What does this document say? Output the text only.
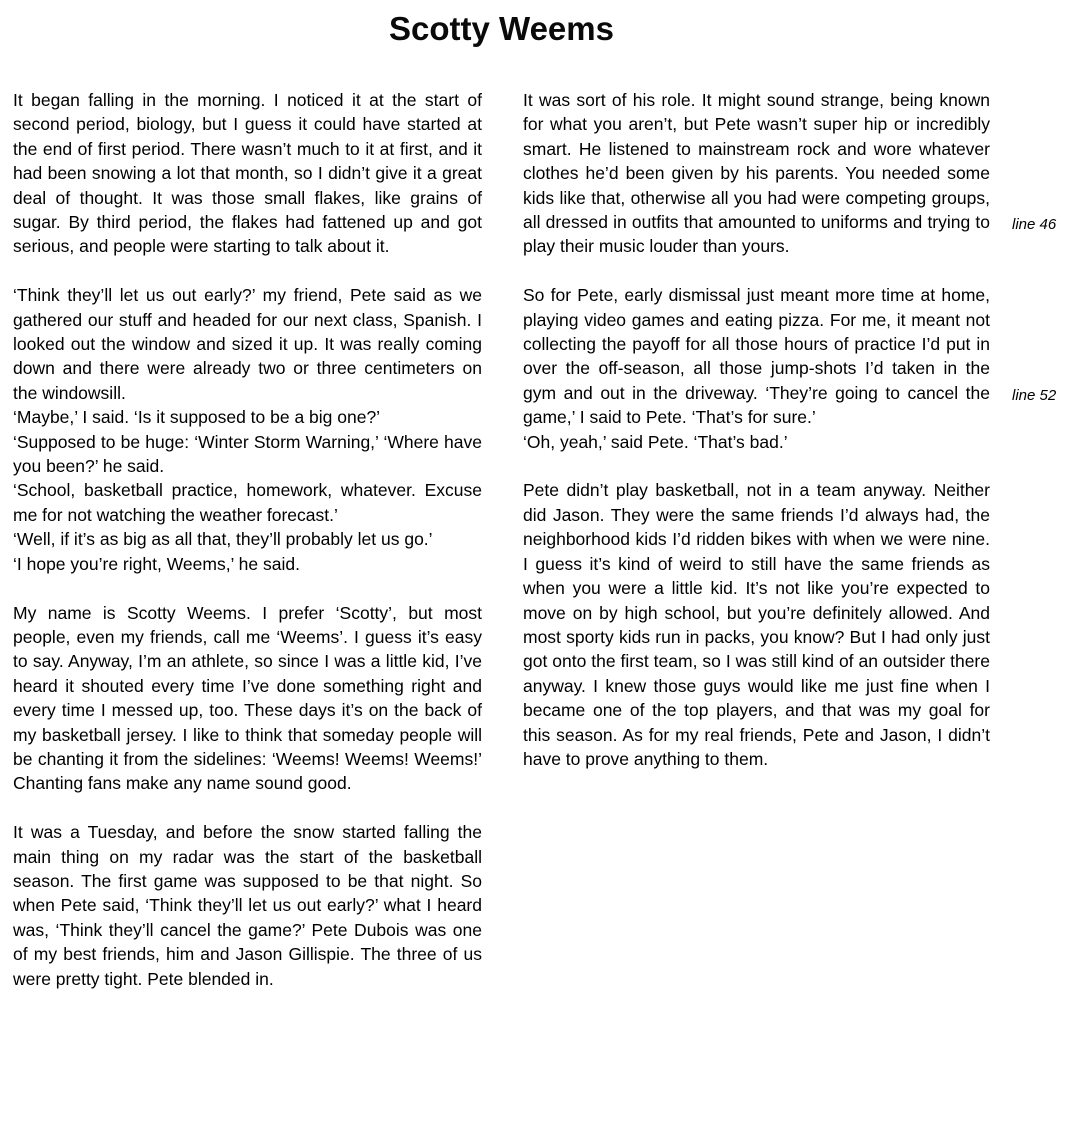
Scotty Weems

It began falling in the morning. I noticed it at the start of second period, biology, but I guess it could have started at the end of first period. There wasn’t much to it at first, and it had been snowing a lot that month, so I didn’t give it a great deal of thought. It was those small flakes, like grains of sugar. By third period, the flakes had fattened up and got serious, and people were starting to talk about it.

‘Think they’ll let us out early?’ my friend, Pete said as we gathered our stuff and headed for our next class, Spanish. I looked out the window and sized it up. It was really coming down and there were already two or three centimeters on the windowsill.

‘Maybe,’ I said. ‘Is it supposed to be a big one?’

‘Supposed to be huge: ‘Winter Storm Warning,’ ‘Where have you been?’ he said.

‘School, basketball practice, homework, whatever. Excuse me for not watching the weather forecast.’

‘Well, if it’s as big as all that, they’ll probably let us go.’

‘I hope you’re right, Weems,’ he said.

My name is Scotty Weems. I prefer ‘Scotty’, but most people, even my friends, call me ‘Weems’. I guess it’s easy to say. Anyway, I’m an athlete, so since I was a little kid, I’ve heard it shouted every time I’ve done something right and every time I messed up, too. These days it’s on the back of my basketball jersey. I like to think that someday people will be chanting it from the sidelines: ‘Weems! Weems! Weems!’ Chanting fans make any name sound good.

It was a Tuesday, and before the snow started falling the main thing on my radar was the start of the basketball season. The first game was supposed to be that night. So when Pete said, ‘Think they’ll let us out early?’ what I heard was, ‘Think they’ll cancel the game?’ Pete Dubois was one of my best friends, him and Jason Gillispie. The three of us were pretty tight. Pete blended in.

It was sort of his role. It might sound strange, being known for what you aren’t, but Pete wasn’t super hip or incredibly smart. He listened to mainstream rock and wore whatever clothes he’d been given by his parents. You needed some kids like that, otherwise all you had were competing groups, all dressed in outfits that amounted to uniforms and trying to play their music louder than yours.

So for Pete, early dismissal just meant more time at home, playing video games and eating pizza. For me, it meant not collecting the payoff for all those hours of practice I’d put in over the off-season, all those jump-shots I’d taken in the gym and out in the driveway. ‘They’re going to cancel the game,’ I said to Pete. ‘That’s for sure.’

‘Oh, yeah,’ said Pete. ‘That’s bad.’

Pete didn’t play basketball, not in a team anyway. Neither did Jason. They were the same friends I’d always had, the neighborhood kids I’d ridden bikes with when we were nine. I guess it’s kind of weird to still have the same friends as when you were a little kid. It’s not like you’re expected to move on by high school, but you’re definitely allowed. And most sporty kids run in packs, you know? But I had only just got onto the first team, so I was still kind of an outsider there anyway. I knew those guys would like me just fine when I became one of the top players, and that was my goal for this season. As for my real friends, Pete and Jason, I didn’t have to prove anything to them.

line 46
line 52
